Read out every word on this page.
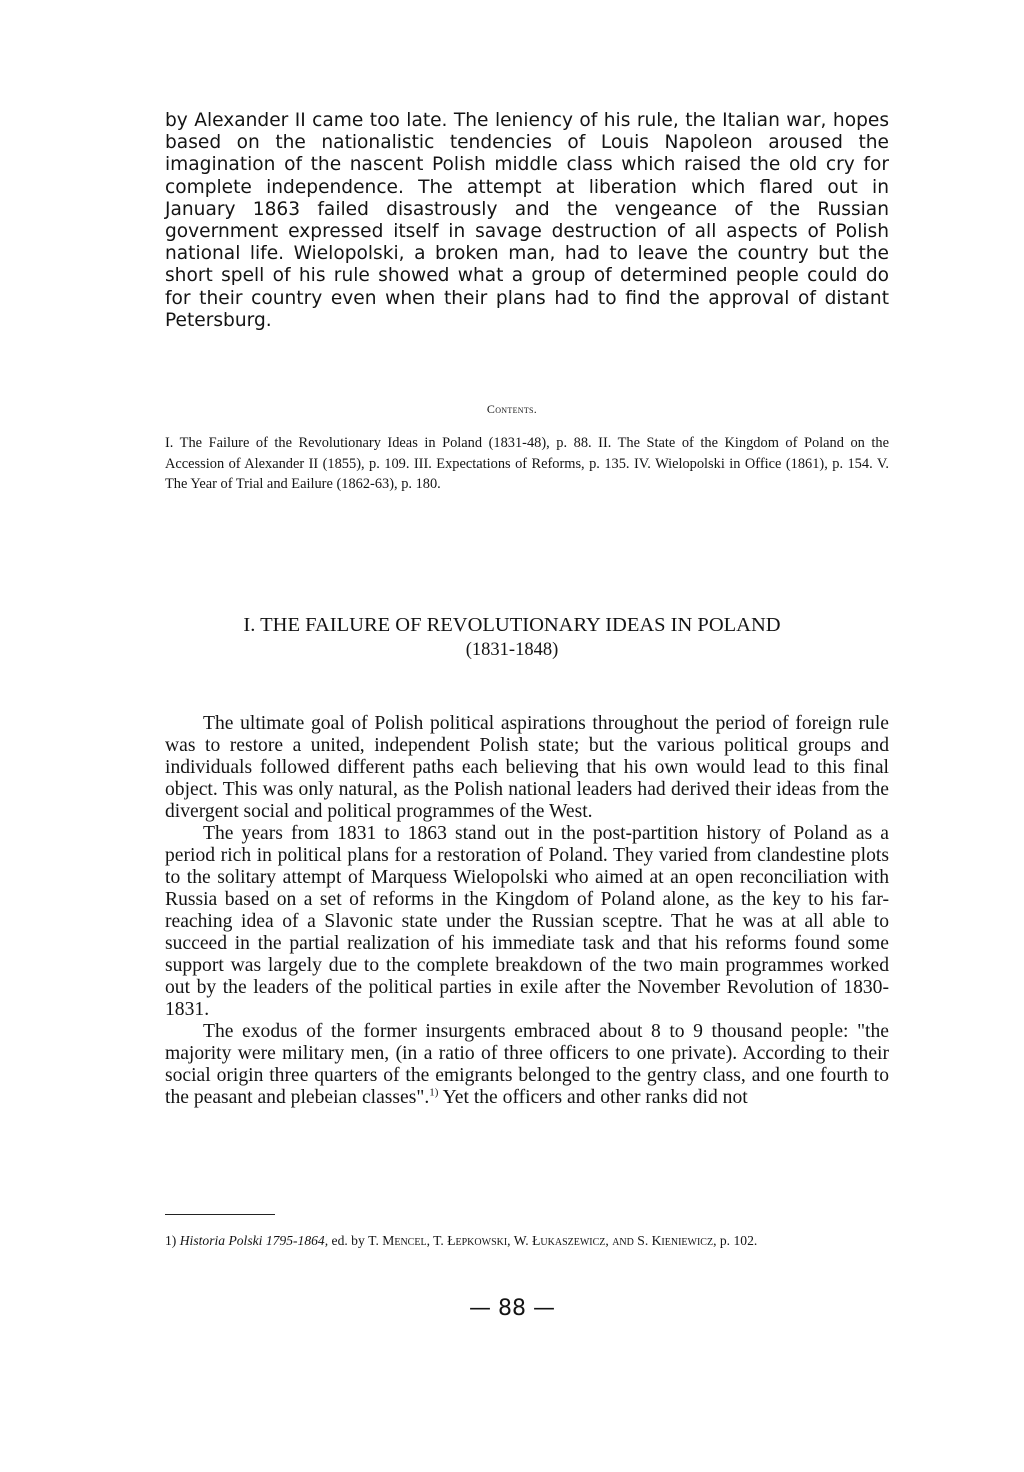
by Alexander II came too late. The leniency of his rule, the Italian war, hopes based on the nationalistic tendencies of Louis Napoleon aroused the imagination of the nascent Polish middle class which raised the old cry for complete independence. The attempt at liberation which flared out in January 1863 failed disastrously and the vengeance of the Russian government expressed itself in savage destruction of all aspects of Polish national life. Wielopolski, a broken man, had to leave the country but the short spell of his rule showed what a group of determined people could do for their country even when their plans had to find the approval of distant Petersburg.

Contents.

I. The Failure of the Revolutionary Ideas in Poland (1831-48), p. 88. II. The State of the Kingdom of Poland on the Accession of Alexander II (1855), p. 109. III. Expectations of Reforms, p. 135. IV. Wielopolski in Office (1861), p. 154. V. The Year of Trial and Eailure (1862-63), p. 180.

I. THE FAILURE OF REVOLUTIONARY IDEAS IN POLAND

(1831-1848)

The ultimate goal of Polish political aspirations throughout the period of foreign rule was to restore a united, independent Polish state; but the various political groups and individuals followed different paths each believing that his own would lead to this final object. This was only natural, as the Polish national leaders had derived their ideas from the divergent social and political programmes of the West.

The years from 1831 to 1863 stand out in the post-partition history of Poland as a period rich in political plans for a restoration of Poland. They varied from clandestine plots to the solitary attempt of Marquess Wielopolski who aimed at an open reconciliation with Russia based on a set of reforms in the Kingdom of Poland alone, as the key to his far-reaching idea of a Slavonic state under the Russian sceptre. That he was at all able to succeed in the partial realization of his immediate task and that his reforms found some support was largely due to the complete breakdown of the two main programmes worked out by the leaders of the political parties in exile after the November Revolution of 1830-1831.

The exodus of the former insurgents embraced about 8 to 9 thousand people: "the majority were military men, (in a ratio of three officers to one private). According to their social origin three quarters of the emigrants belonged to the gentry class, and one fourth to the peasant and plebeian classes".$^{1)}$ Yet the officers and other ranks did not

1) Historia Polski 1795-1864, ed. by T. Mencel, T. Łepkowski, W. Łukaszewicz, and S. Kieniewicz, p. 102.

— 88 —
